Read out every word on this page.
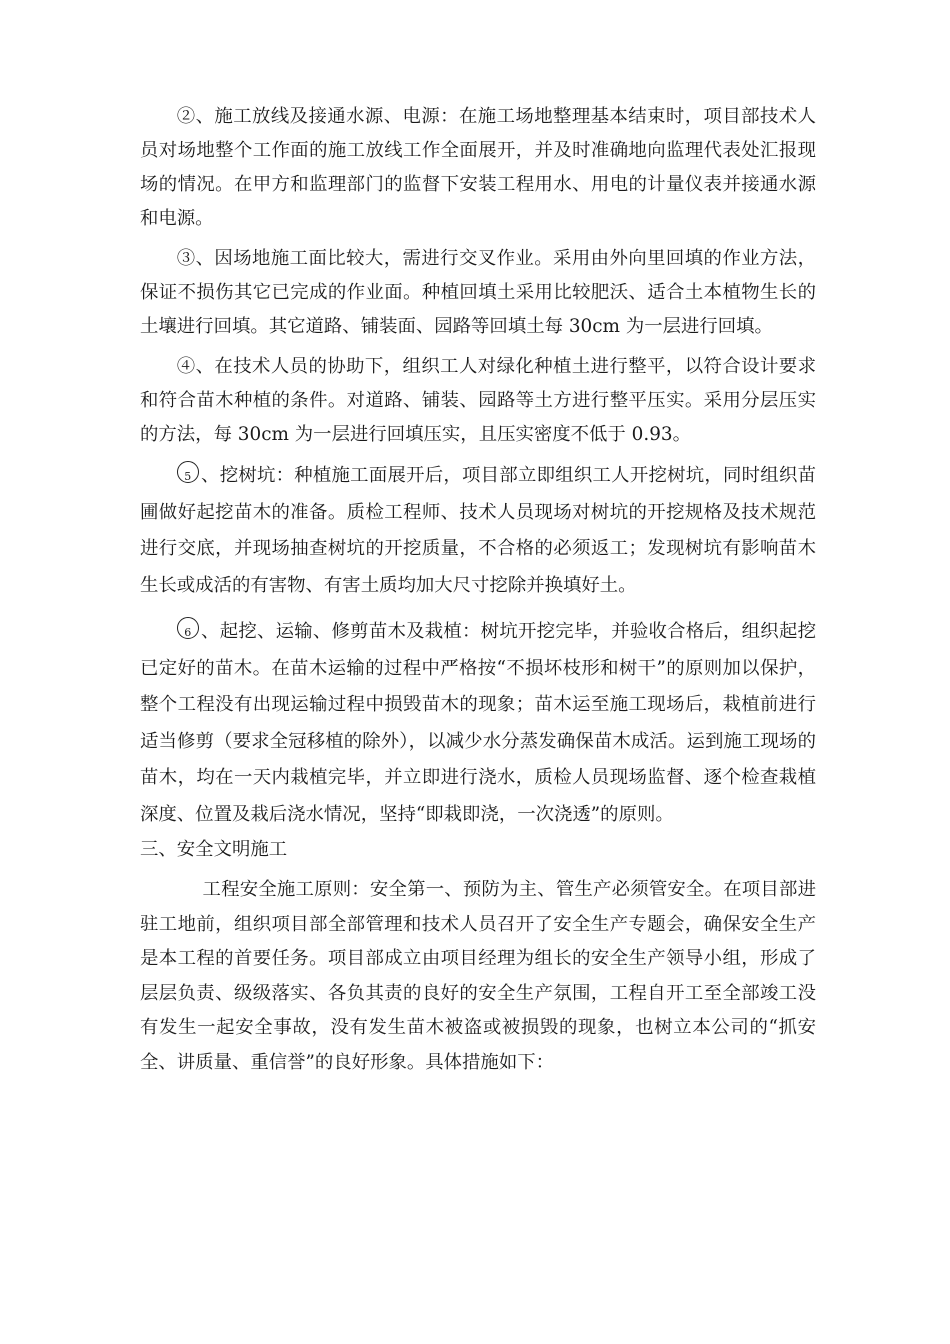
②、施工放线及接通水源、电源：在施工场地整理基本结束时，项目部技术人员对场地整个工作面的施工放线工作全面展开，并及时准确地向监理代表处汇报现场的情况。在甲方和监理部门的监督下安装工程用水、用电的计量仪表并接通水源和电源。

③、因场地施工面比较大，需进行交叉作业。采用由外向里回填的作业方法，保证不损伤其它已完成的作业面。种植回填土采用比较肥沃、适合土本植物生长的土壤进行回填。其它道路、铺装面、园路等回填土每 30cm 为一层进行回填。

④、在技术人员的协助下，组织工人对绿化种植土进行整平，以符合设计要求和符合苗木种植的条件。对道路、铺装、园路等土方进行整平压实。采用分层压实的方法，每 30cm 为一层进行回填压实，且压实密度不低于 0.93。

5 、挖树坑：种植施工面展开后，项目部立即组织工人开挖树坑，同时组织苗圃做好起挖苗木的准备。质检工程师、技术人员现场对树坑的开挖规格及技术规范进行交底，并现场抽查树坑的开挖质量，不合格的必须返工；发现树坑有影响苗木生长或成活的有害物、有害土质均加大尺寸挖除并换填好土。

6 、起挖、运输、修剪苗木及栽植：树坑开挖完毕，并验收合格后，组织起挖已定好的苗木。在苗木运输的过程中严格按“不损坏枝形和树干”的原则加以保护，整个工程没有出现运输过程中损毁苗木的现象；苗木运至施工现场后，栽植前进行适当修剪（要求全冠移植的除外），以减少水分蒸发确保苗木成活。运到施工现场的苗木，均在一天内栽植完毕，并立即进行浇水，质检人员现场监督、逐个检查栽植深度、位置及栽后浇水情况，坚持“即栽即浇，一次浇透”的原则。

三、安全文明施工

工程安全施工原则：安全第一、预防为主、管生产必须管安全。在项目部进驻工地前，组织项目部全部管理和技术人员召开了安全生产专题会，确保安全生产是本工程的首要任务。项目部成立由项目经理为组长的安全生产领导小组，形成了层层负责、级级落实、各负其责的良好的安全生产氛围，工程自开工至全部竣工没有发生一起安全事故，没有发生苗木被盗或被损毁的现象，也树立本公司的“抓安全、讲质量、重信誉”的良好形象。具体措施如下：
